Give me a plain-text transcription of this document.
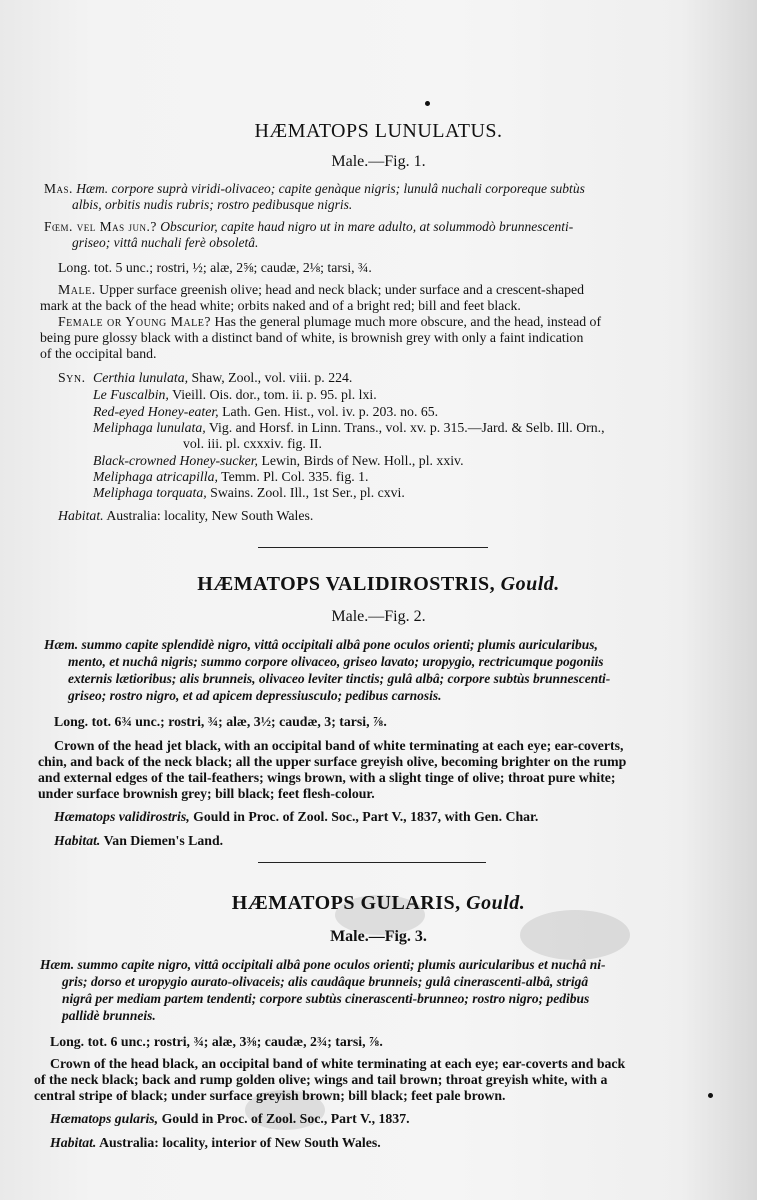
HÆMATOPS LUNULATUS.
Male.—Fig. 1.
Mas. Hæm. corpore suprà viridi-olivaceo; capite genàque nigris; lunulâ nuchali corporeque subtùs
albis, orbitis nudis rubris; rostro pedibusque nigris.
Fœm. vel Mas jun.? Obscurior, capite haud nigro ut in mare adulto, at solummodò brunnescenti-
griseo; vittâ nuchali ferè obsoletâ.
Long. tot. 5 unc.; rostri, ½; alæ, 2⅝; caudæ, 2⅛; tarsi, ¾.
Male. Upper surface greenish olive; head and neck black; under surface and a crescent-shaped
mark at the back of the head white; orbits naked and of a bright red; bill and feet black.
Female or Young Male? Has the general plumage much more obscure, and the head, instead of
being pure glossy black with a distinct band of white, is brownish grey with only a faint indication
of the occipital band.
Syn. Certhia lunulata, Shaw, Zool., vol. viii. p. 224.
Le Fuscalbin, Vieill. Ois. dor., tom. ii. p. 95. pl. lxi.
Red-eyed Honey-eater, Lath. Gen. Hist., vol. iv. p. 203. no. 65.
Meliphaga lunulata, Vig. and Horsf. in Linn. Trans., vol. xv. p. 315.—Jard. & Selb. Ill. Orn.,
vol. iii. pl. cxxxiv. fig. II.
Black-crowned Honey-sucker, Lewin, Birds of New. Holl., pl. xxiv.
Meliphaga atricapilla, Temm. Pl. Col. 335. fig. 1.
Meliphaga torquata, Swains. Zool. Ill., 1st Ser., pl. cxvi.
Habitat. Australia: locality, New South Wales.
HÆMATOPS VALIDIROSTRIS, Gould.
Male.—Fig. 2.
Hæm. summo capite splendidè nigro, vittâ occipitali albâ pone oculos orienti; plumis auricularibus,
mento, et nuchâ nigris; summo corpore olivaceo, griseo lavato; uropygio, rectricumque pogoniis
externis lætioribus; alis brunneis, olivaceo leviter tinctis; gulâ albâ; corpore subtùs brunnescenti-
griseo; rostro nigro, et ad apicem depressiusculo; pedibus carnosis.
Long. tot. 6¾ unc.; rostri, ¾; alæ, 3½; caudæ, 3; tarsi, ⅞.
Crown of the head jet black, with an occipital band of white terminating at each eye; ear-coverts,
chin, and back of the neck black; all the upper surface greyish olive, becoming brighter on the rump
and external edges of the tail-feathers; wings brown, with a slight tinge of olive; throat pure white;
under surface brownish grey; bill black; feet flesh-colour.
Hæmatops validirostris, Gould in Proc. of Zool. Soc., Part V., 1837, with Gen. Char.
Habitat. Van Diemen's Land.
HÆMATOPS GULARIS, Gould.
Male.—Fig. 3.
Hæm. summo capite nigro, vittâ occipitali albâ pone oculos orienti; plumis auricularibus et nuchâ ni-
gris; dorso et uropygio aurato-olivaceis; alis caudâque brunneis; gulâ cinerascenti-albâ, strigâ
nigrâ per mediam partem tendenti; corpore subtùs cinerascenti-brunneo; rostro nigro; pedibus
pallidè brunneis.
Long. tot. 6 unc.; rostri, ¾; alæ, 3⅜; caudæ, 2¾; tarsi, ⅞.
Crown of the head black, an occipital band of white terminating at each eye; ear-coverts and back
of the neck black; back and rump golden olive; wings and tail brown; throat greyish white, with a
central stripe of black; under surface greyish brown; bill black; feet pale brown.
Hæmatops gularis, Gould in Proc. of Zool. Soc., Part V., 1837.
Habitat. Australia: locality, interior of New South Wales.
